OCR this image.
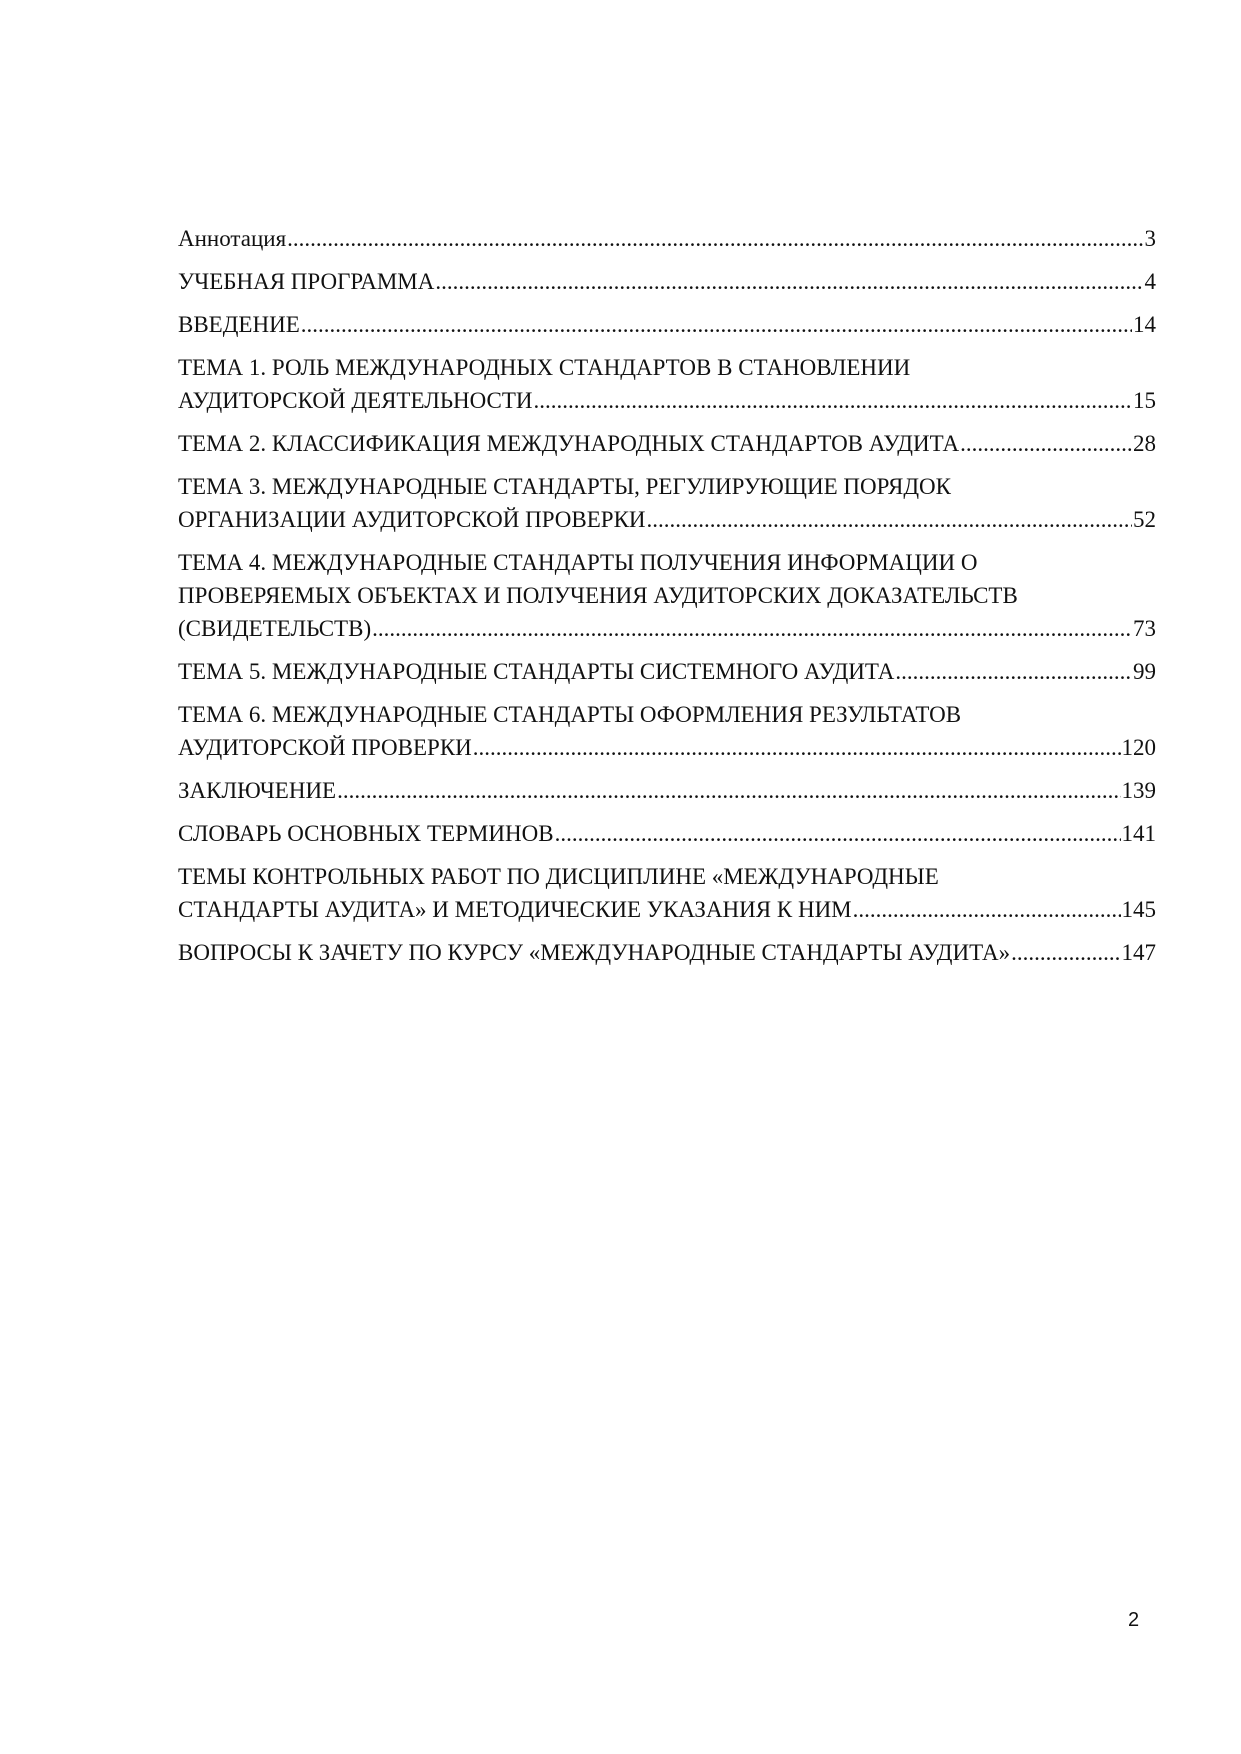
Аннотация .....	3
УЧЕБНАЯ ПРОГРАММА .....	4
ВВЕДЕНИЕ .....	14
ТЕМА 1. РОЛЬ МЕЖДУНАРОДНЫХ СТАНДАРТОВ В СТАНОВЛЕНИИ
АУДИТОРСКОЙ ДЕЯТЕЛЬНОСТИ .....	15
ТЕМА 2. КЛАССИФИКАЦИЯ МЕЖДУНАРОДНЫХ СТАНДАРТОВ АУДИТА .....	28
ТЕМА 3. МЕЖДУНАРОДНЫЕ СТАНДАРТЫ, РЕГУЛИРУЮЩИЕ ПОРЯДОК
ОРГАНИЗАЦИИ АУДИТОРСКОЙ ПРОВЕРКИ .....	52
ТЕМА 4. МЕЖДУНАРОДНЫЕ СТАНДАРТЫ ПОЛУЧЕНИЯ ИНФОРМАЦИИ О
ПРОВЕРЯЕМЫХ ОБЪЕКТАХ И ПОЛУЧЕНИЯ АУДИТОРСКИХ ДОКАЗАТЕЛЬСТВ
(СВИДЕТЕЛЬСТВ) .....	73
ТЕМА 5. МЕЖДУНАРОДНЫЕ СТАНДАРТЫ СИСТЕМНОГО АУДИТА .....	99
ТЕМА 6. МЕЖДУНАРОДНЫЕ СТАНДАРТЫ ОФОРМЛЕНИЯ РЕЗУЛЬТАТОВ
АУДИТОРСКОЙ ПРОВЕРКИ .....	120
ЗАКЛЮЧЕНИЕ .....	139
СЛОВАРЬ ОСНОВНЫХ ТЕРМИНОВ .....	141
ТЕМЫ КОНТРОЛЬНЫХ РАБОТ ПО ДИСЦИПЛИНЕ «МЕЖДУНАРОДНЫЕ
СТАНДАРТЫ АУДИТА» И МЕТОДИЧЕСКИЕ УКАЗАНИЯ К НИМ .....	145
ВОПРОСЫ К ЗАЧЕТУ ПО КУРСУ «МЕЖДУНАРОДНЫЕ СТАНДАРТЫ АУДИТА» .....	147
2
